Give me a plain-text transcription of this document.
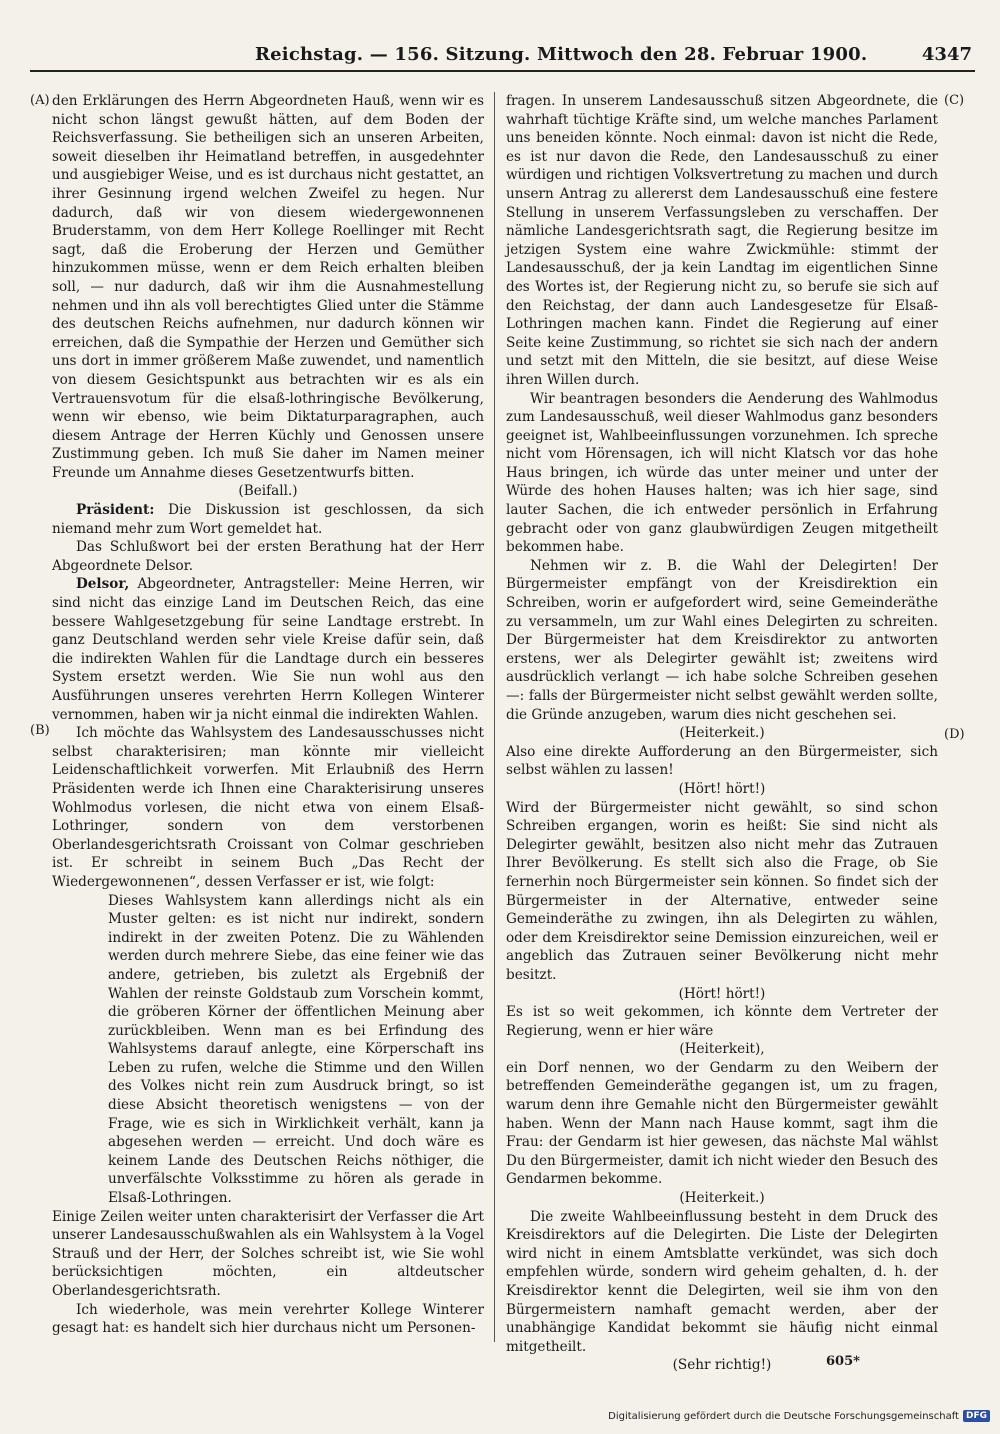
Reichstag. — 156. Sitzung. Mittwoch den 28. Februar 1900.	4347
(A)
(B)
(C)
(D)

den Erklärungen des Herrn Abgeordneten Hauß, wenn wir es nicht schon längst gewußt hätten, auf dem Boden der Reichsverfassung. Sie betheiligen sich an unseren Arbeiten, soweit dieselben ihr Heimatland betreffen, in ausgedehnter und ausgiebiger Weise, und es ist durchaus nicht gestattet, an ihrer Gesinnung irgend welchen Zweifel zu hegen. Nur dadurch, daß wir von diesem wiedergewonnenen Bruderstamm, von dem Herr Kollege Roellinger mit Recht sagt, daß die Eroberung der Herzen und Gemüther hinzukommen müsse, wenn er dem Reich erhalten bleiben soll, — nur dadurch, daß wir ihm die Ausnahmestellung nehmen und ihn als voll berechtigtes Glied unter die Stämme des deutschen Reichs aufnehmen, nur dadurch können wir erreichen, daß die Sympathie der Herzen und Gemüther sich uns dort in immer größerem Maße zuwendet, und namentlich von diesem Gesichtspunkt aus betrachten wir es als ein Vertrauensvotum für die elsaß-lothringische Bevölkerung, wenn wir ebenso, wie beim Diktaturparagraphen, auch diesem Antrage der Herren Küchly und Genossen unsere Zustimmung geben. Ich muß Sie daher im Namen meiner Freunde um Annahme dieses Gesetzentwurfs bitten.

(Beifall.)

Präsident: Die Diskussion ist geschlossen, da sich niemand mehr zum Wort gemeldet hat.

Das Schlußwort bei der ersten Berathung hat der Herr Abgeordnete Delsor.

Delsor, Abgeordneter, Antragsteller: Meine Herren, wir sind nicht das einzige Land im Deutschen Reich, das eine bessere Wahlgesetzgebung für seine Landtage erstrebt. In ganz Deutschland werden sehr viele Kreise dafür sein, daß die indirekten Wahlen für die Landtage durch ein besseres System ersetzt werden. Wie Sie nun wohl aus den Ausführungen unseres verehrten Herrn Kollegen Winterer vernommen, haben wir ja nicht einmal die indirekten Wahlen.

Ich möchte das Wahlsystem des Landesausschusses nicht selbst charakterisiren; man könnte mir vielleicht Leidenschaftlichkeit vorwerfen. Mit Erlaubniß des Herrn Präsidenten werde ich Ihnen eine Charakterisirung unseres Wohlmodus vorlesen, die nicht etwa von einem Elsaß-Lothringer, sondern von dem verstorbenen Oberlandesgerichtsrath Croissant von Colmar geschrieben ist. Er schreibt in seinem Buch „Das Recht der Wiedergewonnenen“, dessen Verfasser er ist, wie folgt:

Dieses Wahlsystem kann allerdings nicht als ein Muster gelten: es ist nicht nur indirekt, sondern indirekt in der zweiten Potenz. Die zu Wählenden werden durch mehrere Siebe, das eine feiner wie das andere, getrieben, bis zuletzt als Ergebniß der Wahlen der reinste Goldstaub zum Vorschein kommt, die gröberen Körner der öffentlichen Meinung aber zurückbleiben. Wenn man es bei Erfindung des Wahlsystems darauf anlegte, eine Körperschaft ins Leben zu rufen, welche die Stimme und den Willen des Volkes nicht rein zum Ausdruck bringt, so ist diese Absicht theoretisch wenigstens — von der Frage, wie es sich in Wirklichkeit verhält, kann ja abgesehen werden — erreicht. Und doch wäre es keinem Lande des Deutschen Reichs nöthiger, die unverfälschte Volksstimme zu hören als gerade in Elsaß-Lothringen.

Einige Zeilen weiter unten charakterisirt der Verfasser die Art unserer Landesausschußwahlen als ein Wahlsystem à la Vogel Strauß und der Herr, der Solches schreibt ist, wie Sie wohl berücksichtigen möchten, ein altdeutscher Oberlandesgerichtsrath.

Ich wiederhole, was mein verehrter Kollege Winterer gesagt hat: es handelt sich hier durchaus nicht um Personen-

fragen. In unserem Landesausschuß sitzen Abgeordnete, die wahrhaft tüchtige Kräfte sind, um welche manches Parlament uns beneiden könnte. Noch einmal: davon ist nicht die Rede, es ist nur davon die Rede, den Landesausschuß zu einer würdigen und richtigen Volksvertretung zu machen und durch unsern Antrag zu allererst dem Landesausschuß eine festere Stellung in unserem Verfassungsleben zu verschaffen. Der nämliche Landesgerichtsrath sagt, die Regierung besitze im jetzigen System eine wahre Zwickmühle: stimmt der Landesausschuß, der ja kein Landtag im eigentlichen Sinne des Wortes ist, der Regierung nicht zu, so berufe sie sich auf den Reichstag, der dann auch Landesgesetze für Elsaß-Lothringen machen kann. Findet die Regierung auf einer Seite keine Zustimmung, so richtet sie sich nach der andern und setzt mit den Mitteln, die sie besitzt, auf diese Weise ihren Willen durch.

Wir beantragen besonders die Aenderung des Wahlmodus zum Landesausschuß, weil dieser Wahlmodus ganz besonders geeignet ist, Wahlbeeinflussungen vorzunehmen. Ich spreche nicht vom Hörensagen, ich will nicht Klatsch vor das hohe Haus bringen, ich würde das unter meiner und unter der Würde des hohen Hauses halten; was ich hier sage, sind lauter Sachen, die ich entweder persönlich in Erfahrung gebracht oder von ganz glaubwürdigen Zeugen mitgetheilt bekommen habe.

Nehmen wir z. B. die Wahl der Delegirten! Der Bürgermeister empfängt von der Kreisdirektion ein Schreiben, worin er aufgefordert wird, seine Gemeinderäthe zu versammeln, um zur Wahl eines Delegirten zu schreiten. Der Bürgermeister hat dem Kreisdirektor zu antworten erstens, wer als Delegirter gewählt ist; zweitens wird ausdrücklich verlangt — ich habe solche Schreiben gesehen —: falls der Bürgermeister nicht selbst gewählt werden sollte, die Gründe anzugeben, warum dies nicht geschehen sei.

(Heiterkeit.)

Also eine direkte Aufforderung an den Bürgermeister, sich selbst wählen zu lassen!

(Hört! hört!)

Wird der Bürgermeister nicht gewählt, so sind schon Schreiben ergangen, worin es heißt: Sie sind nicht als Delegirter gewählt, besitzen also nicht mehr das Zutrauen Ihrer Bevölkerung. Es stellt sich also die Frage, ob Sie fernerhin noch Bürgermeister sein können. So findet sich der Bürgermeister in der Alternative, entweder seine Gemeinderäthe zu zwingen, ihn als Delegirten zu wählen, oder dem Kreisdirektor seine Demission einzureichen, weil er angeblich das Zutrauen seiner Bevölkerung nicht mehr besitzt.

(Hört! hört!)

Es ist so weit gekommen, ich könnte dem Vertreter der Regierung, wenn er hier wäre

(Heiterkeit),

ein Dorf nennen, wo der Gendarm zu den Weibern der betreffenden Gemeinderäthe gegangen ist, um zu fragen, warum denn ihre Gemahle nicht den Bürgermeister gewählt haben. Wenn der Mann nach Hause kommt, sagt ihm die Frau: der Gendarm ist hier gewesen, das nächste Mal wählst Du den Bürgermeister, damit ich nicht wieder den Besuch des Gendarmen bekomme.

(Heiterkeit.)

Die zweite Wahlbeeinflussung besteht in dem Druck des Kreisdirektors auf die Delegirten. Die Liste der Delegirten wird nicht in einem Amtsblatte verkündet, was sich doch empfehlen würde, sondern wird geheim gehalten, d. h. der Kreisdirektor kennt die Delegirten, weil sie ihm von den Bürgermeistern namhaft gemacht werden, aber der unabhängige Kandidat bekommt sie häufig nicht einmal mitgetheilt.

(Sehr richtig!)	605*
Digitalisierung gefördert durch die Deutsche Forschungsgemeinschaft DFG
